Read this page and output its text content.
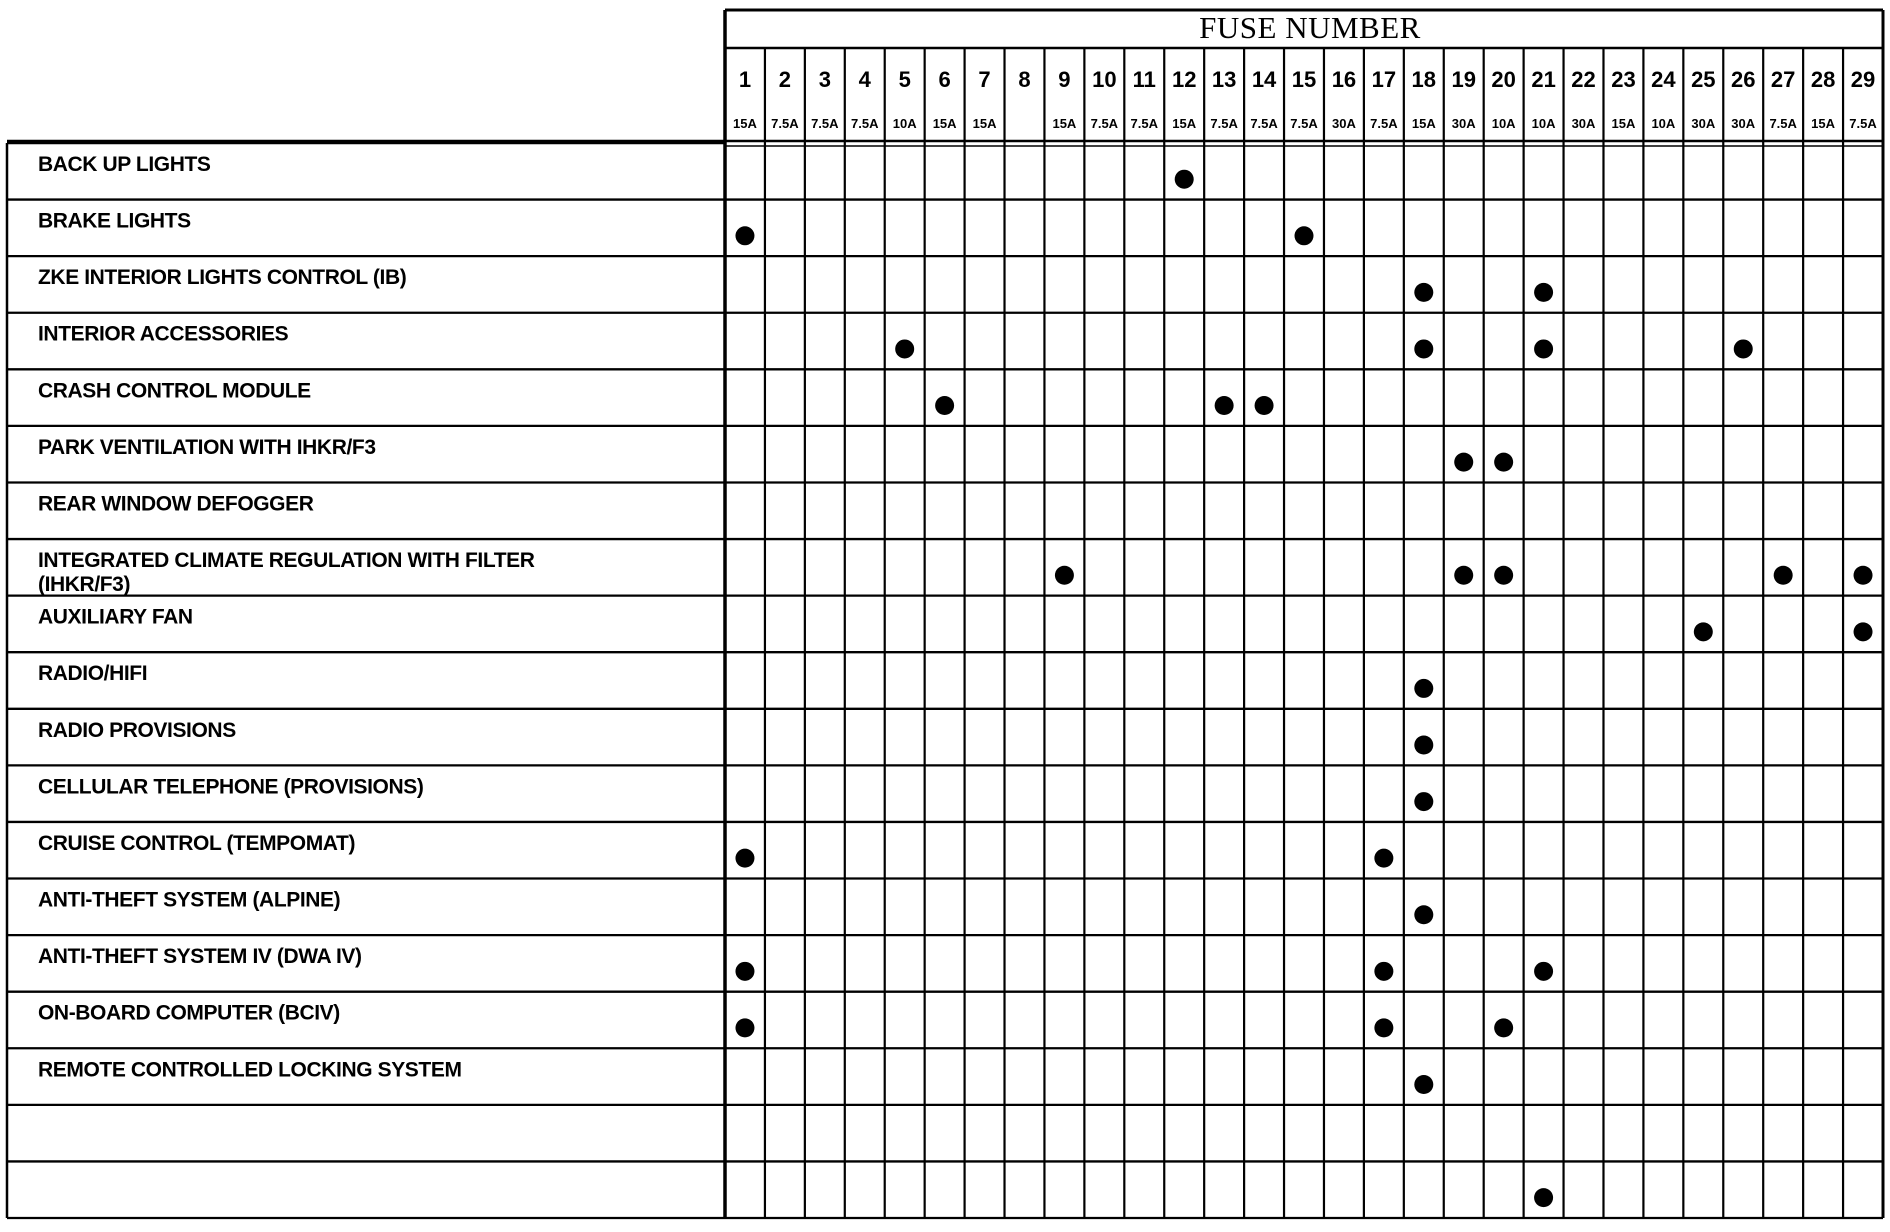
FUSE NUMBER
1
15A
2
7.5A
3
7.5A
4
7.5A
5
10A
6
15A
7
15A
8 9
15A
10
7.5A
11
7.5A
12
15A
13
7.5A
14
7.5A
15
7.5A
16
30A
17
7.5A
18
15A
19
30A
20
10A
21
10A
22
30A
23
15A
24
10A
25
30A
26
30A
27
7.5A
28
15A
29
7.5A
BACK UP LIGHTS
BRAKE LIGHTS
ZKE INTERIOR LIGHTS CONTROL (IB)
INTERIOR ACCESSORIES
CRASH CONTROL MODULE
PARK VENTILATION WITH IHKR/F3
REAR WINDOW DEFOGGER
INTEGRATED CLIMATE REGULATION WITH FILTER
(IHKR/F3)
AUXILIARY FAN
RADIO/HIFI
RADIO PROVISIONS
CELLULAR TELEPHONE (PROVISIONS)
CRUISE CONTROL (TEMPOMAT)
ANTI-THEFT SYSTEM (ALPINE)
ANTI-THEFT SYSTEM IV (DWA IV)
ON-BOARD COMPUTER (BCIV)
REMOTE CONTROLLED LOCKING SYSTEM
